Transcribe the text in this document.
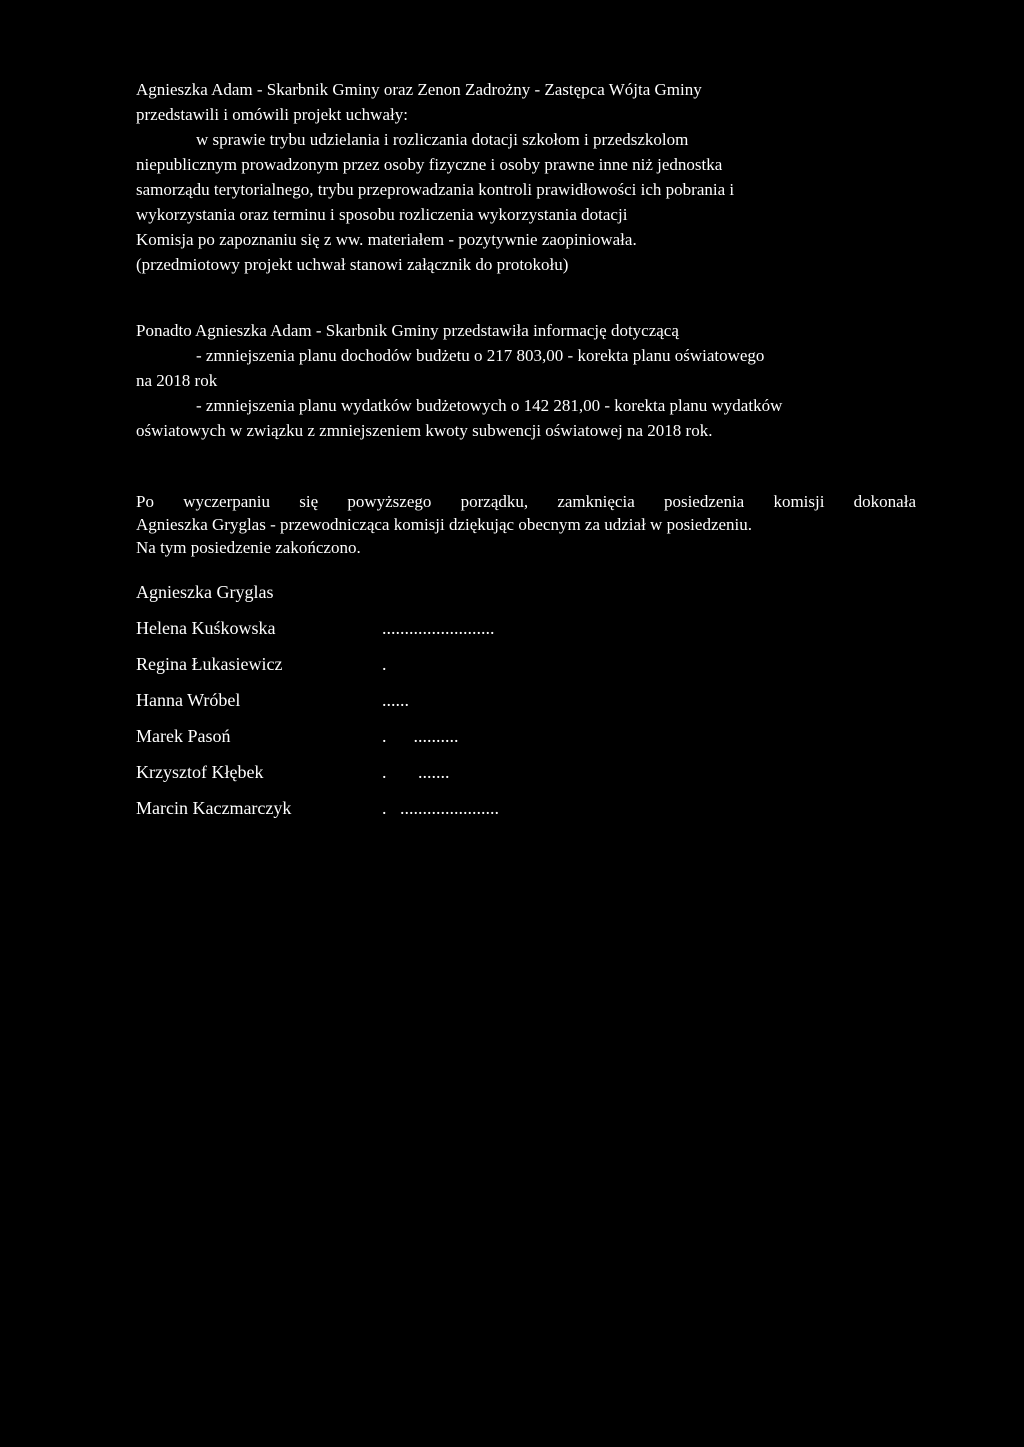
Agnieszka Adam - Skarbnik Gminy oraz Zenon Zadrożny - Zastępca Wójta Gminy
przedstawili i omówili projekt uchwały:
w sprawie trybu udzielania i rozliczania dotacji szkołom i przedszkolom
niepublicznym prowadzonym przez osoby fizyczne i osoby prawne inne niż jednostka
samorządu terytorialnego, trybu przeprowadzania kontroli prawidłowości ich pobrania i
wykorzystania oraz terminu i sposobu rozliczenia wykorzystania dotacji
Komisja po zapoznaniu się z ww. materiałem - pozytywnie zaopiniowała.
(przedmiotowy projekt uchwał stanowi załącznik do protokołu)
Ponadto Agnieszka Adam - Skarbnik Gminy przedstawiła informację dotyczącą
- zmniejszenia planu dochodów budżetu o 217 803,00 - korekta planu oświatowego
na 2018 rok
- zmniejszenia planu wydatków budżetowych o 142 281,00 - korekta planu wydatków
oświatowych w związku z zmniejszeniem kwoty subwencji oświatowej na 2018 rok.
Po wyczerpaniu się powyższego porządku, zamknięcia posiedzenia komisji dokonała
Agnieszka Gryglas - przewodnicząca komisji dziękując obecnym za udział w posiedzeniu.
Na tym posiedzenie zakończono.
Agnieszka Gryglas
Helena Kuśkowska	.........................
Regina Łukasiewicz	.
Hanna Wróbel	......
Marek Pasoń	.      ..........
Krzysztof Kłębek	.       .......
Marcin Kaczmarczyk	.   ......................
